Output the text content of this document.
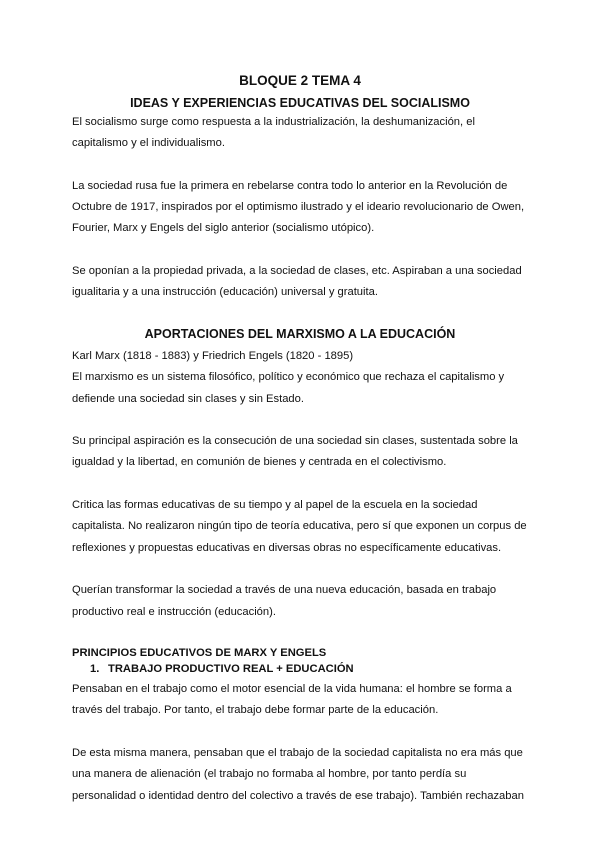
BLOQUE 2 TEMA 4
IDEAS Y EXPERIENCIAS EDUCATIVAS DEL SOCIALISMO

El socialismo surge como respuesta a la industrialización, la deshumanización, el capitalismo y el individualismo.

La sociedad rusa fue la primera en rebelarse contra todo lo anterior en la Revolución de Octubre de 1917, inspirados por el optimismo ilustrado y el ideario revolucionario de Owen, Fourier, Marx y Engels del siglo anterior (socialismo utópico).

Se oponían a la propiedad privada, a la sociedad de clases, etc. Aspiraban a una sociedad igualitaria y a una instrucción (educación) universal y gratuita.

APORTACIONES DEL MARXISMO A LA EDUCACIÓN

Karl Marx (1818 - 1883) y Friedrich Engels (1820 - 1895)

El marxismo es un sistema filosófico, político y económico que rechaza el capitalismo y defiende una sociedad sin clases y sin Estado.

Su principal aspiración es la consecución de una sociedad sin clases, sustentada sobre la igualdad y la libertad, en comunión de bienes y centrada en el colectivismo.

Critica las formas educativas de su tiempo y al papel de la escuela en la sociedad capitalista. No realizaron ningún tipo de teoría educativa, pero sí que exponen un corpus de reflexiones y propuestas educativas en diversas obras no específicamente educativas.

Querían transformar la sociedad a través de una nueva educación, basada en trabajo productivo real e instrucción (educación).

PRINCIPIOS EDUCATIVOS DE MARX Y ENGELS
1. TRABAJO PRODUCTIVO REAL + EDUCACIÓN

Pensaban en el trabajo como el motor esencial de la vida humana: el hombre se forma a través del trabajo. Por tanto, el trabajo debe formar parte de la educación.

De esta misma manera, pensaban que el trabajo de la sociedad capitalista no era más que una manera de alienación (el trabajo no formaba al hombre, por tanto perdía su personalidad o identidad dentro del colectivo a través de ese trabajo). También rechazaban
